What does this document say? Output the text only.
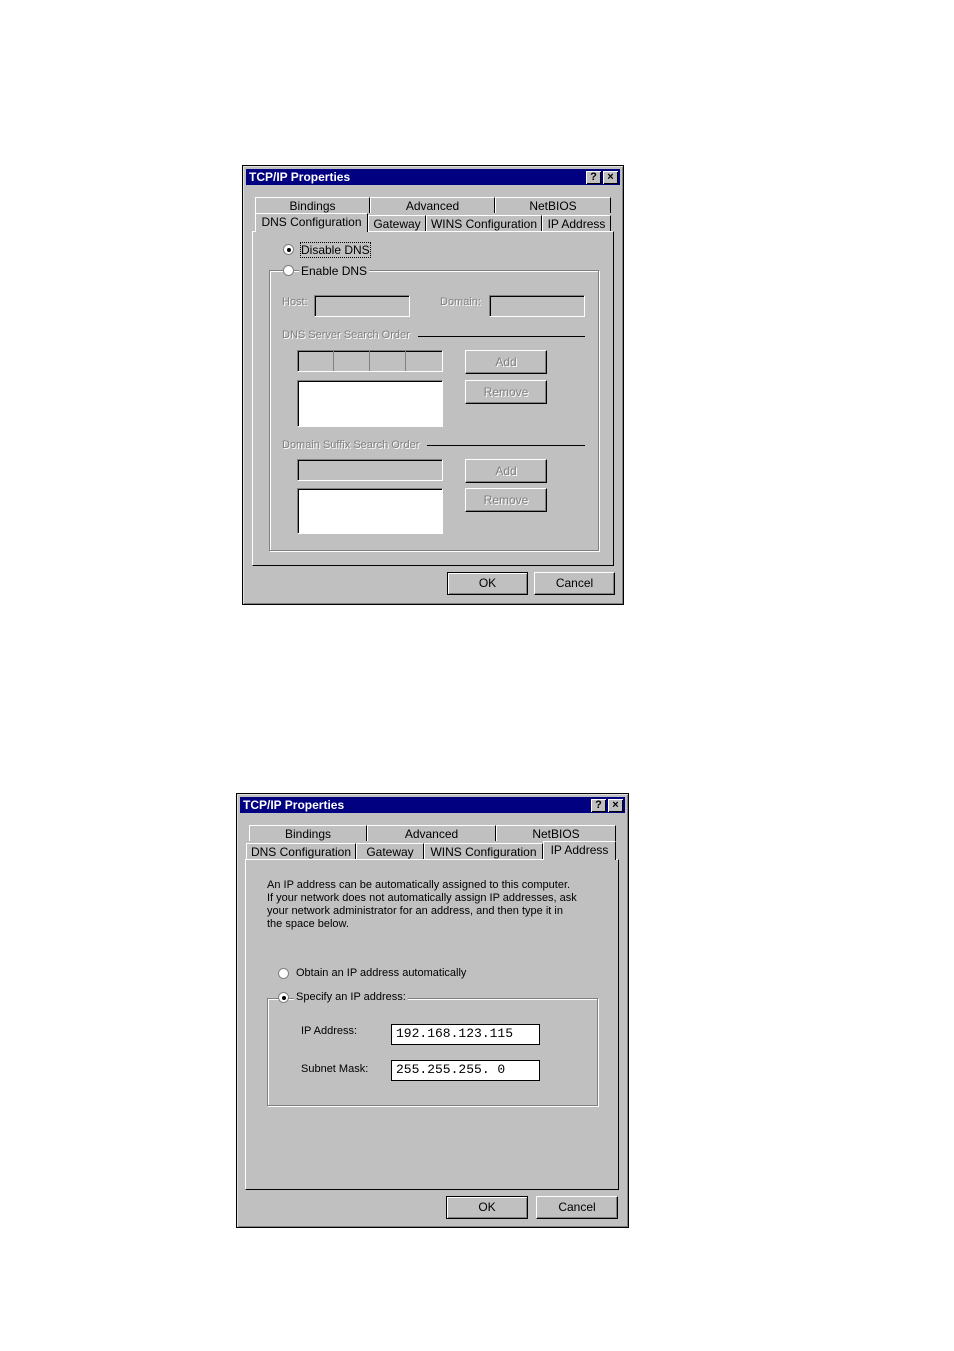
TCP/IP Properties	? ×
Bindings	Advanced	NetBIOS
DNS Configuration Gateway WINS Configuration IP Address
Disable DNS
Enable DNS
Host:	Domain:
DNS Server Search Order
Add
Remove
Domain Suffix Search Order
Add
Remove
OK	Cancel
TCP/IP Properties	? ×
Bindings	Advanced	NetBIOS
DNS Configuration	Gateway	WINS Configuration	IP Address
An IP address can be automatically assigned to this computer.
If your network does not automatically assign IP addresses, ask
your network administrator for an address, and then type it in
the space below.
Obtain an IP address automatically
Specify an IP address:
IP Address:	192.168.123.115
Subnet Mask:	255.255.255. 0
OK	Cancel
